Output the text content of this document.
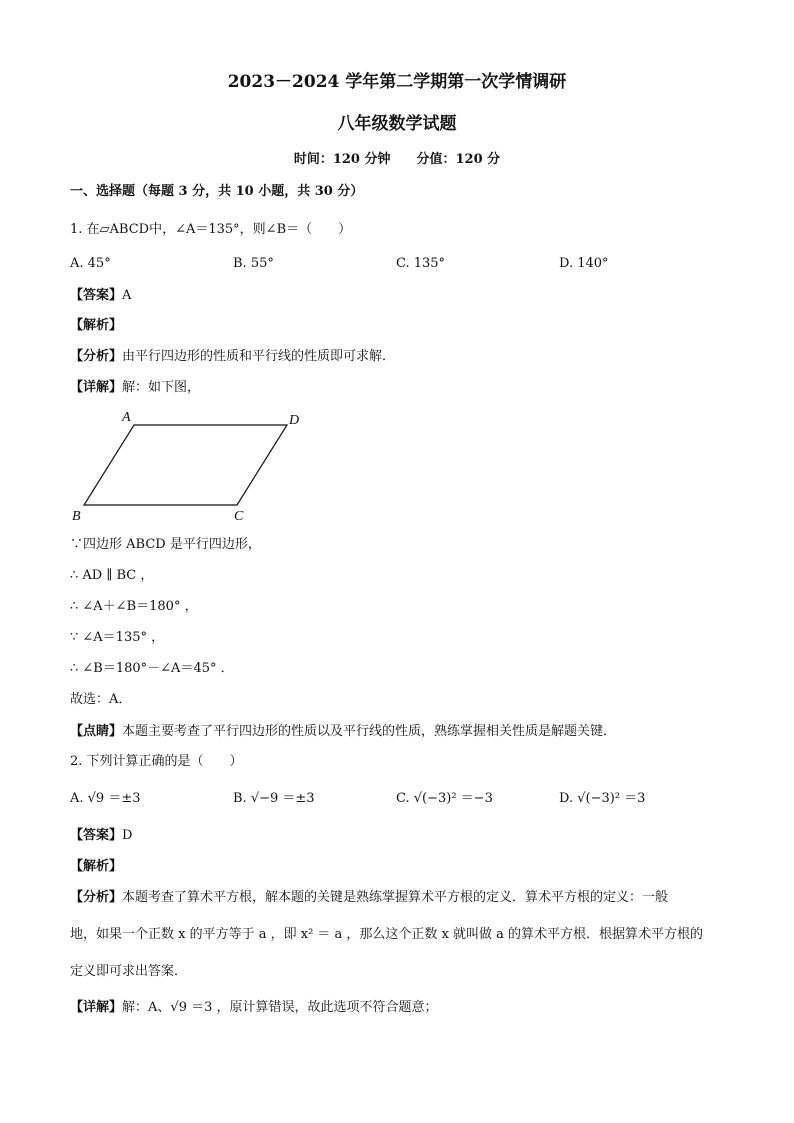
2023－2024 学年第二学期第一次学情调研
八年级数学试题
时间：120 分钟　　分值：120 分
一、选择题（每题 3 分，共 10 小题，共 30 分）
1. 在▱ABCD中，∠A＝135°，则∠B＝（　　）
A. 45°	B. 55°	C. 135°	D. 140°
【答案】A
【解析】
【分析】由平行四边形的性质和平行线的性质即可求解．
【详解】解：如下图，
A	D
B	C
∵四边形 ABCD 是平行四边形，
∴ AD ∥ BC ，
∴ ∠A＋∠B＝180° ，
∵ ∠A＝135° ，
∴ ∠B＝180°－∠A＝45° ．
故选：A．
【点睛】本题主要考查了平行四边形的性质以及平行线的性质，熟练掌握相关性质是解题关键．
2. 下列计算正确的是（　　）
A. √9 ＝±3	B. √−9 ＝±3	C. √(−3)² ＝−3	D. √(−3)² ＝3
【答案】D
【解析】
【分析】本题考查了算术平方根，解本题的关键是熟练掌握算术平方根的定义．算术平方根的定义：一般
地，如果一个正数 x 的平方等于 a ，即 x² ＝ a ，那么这个正数 x 就叫做 a 的算术平方根．根据算术平方根的
定义即可求出答案．
【详解】解：A、√9 ＝3 ，原计算错误，故此选项不符合题意；
